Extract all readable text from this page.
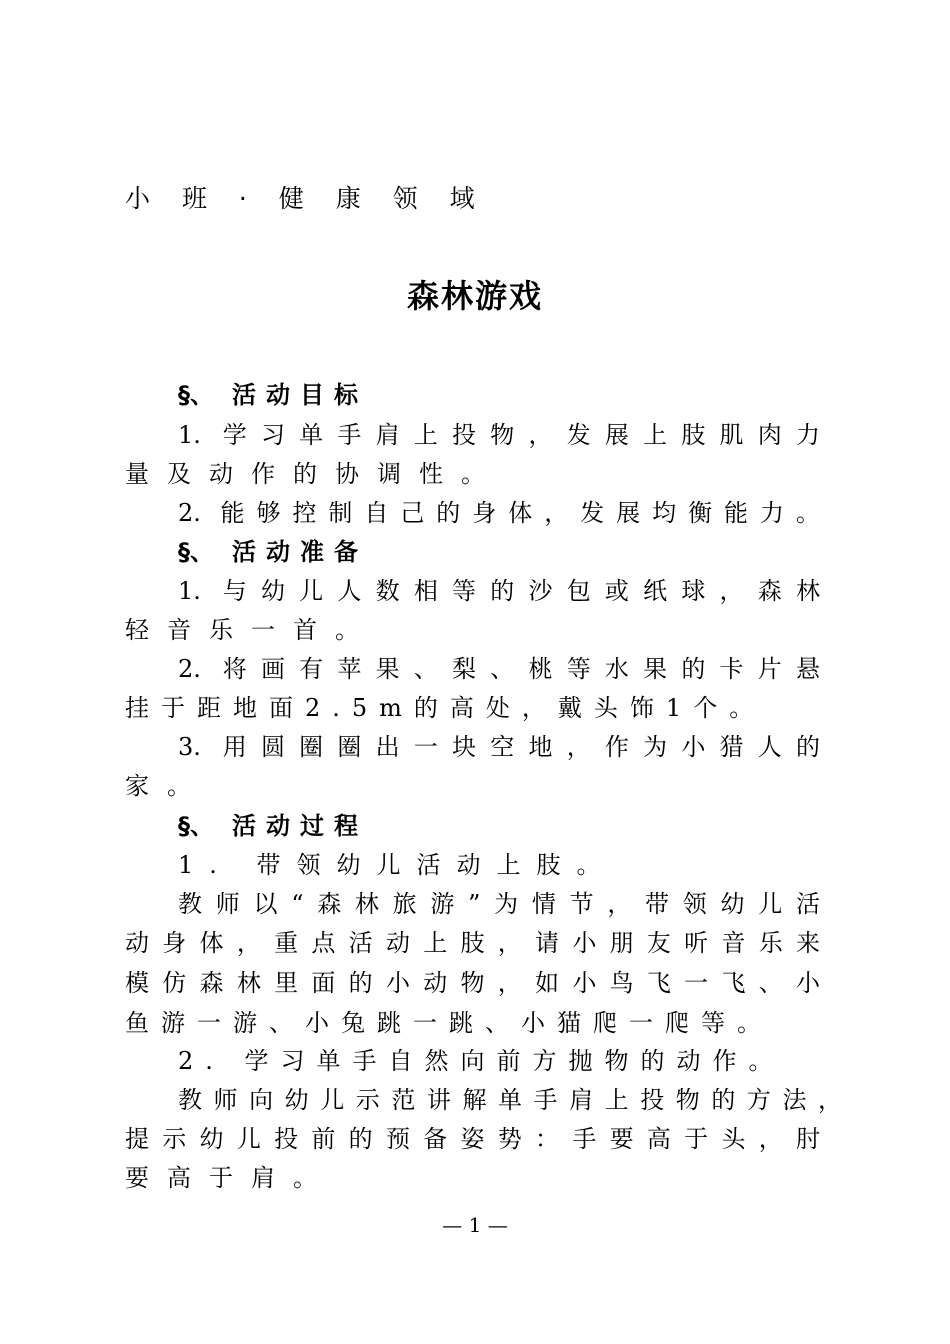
小 班 · 健 康 领 域
森林游戏
§、 活动目标
1. 学习单手肩上投物，发展上肢肌肉力
量及动作的协调性。
2. 能够控制自己的身体，发展均衡能力。
§、 活动准备
1. 与幼儿人数相等的沙包或纸球，森林
轻音乐一首。
2. 将画有苹果、梨、桃等水果的卡片悬
挂于距地面2.5m的高处，戴头饰1个。
3. 用圆圈圈出一块空地，作为小猎人的
家。
§、 活动过程
1. 带领幼儿活动上肢。
教师以“森林旅游”为情节，带领幼儿活
动身体，重点活动上肢，请小朋友听音乐来
模仿森林里面的小动物，如小鸟飞一飞、小
鱼游一游、小兔跳一跳、小猫爬一爬等。
2. 学习单手自然向前方抛物的动作。
教师向幼儿示范讲解单手肩上投物的方法，
提示幼儿投前的预备姿势：手要高于头，肘
要高于肩。
— 1 —
